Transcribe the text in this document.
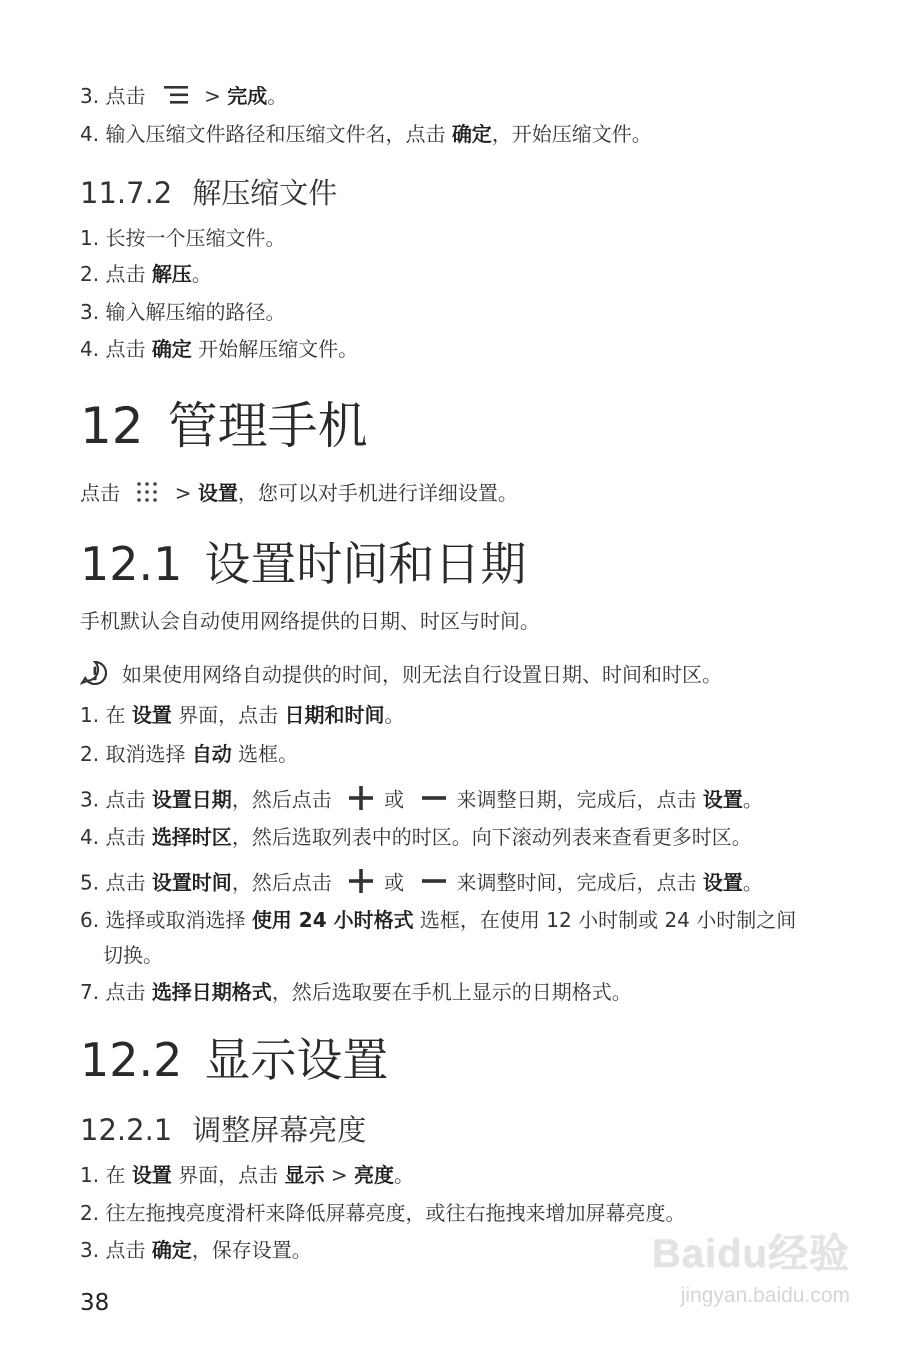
3. 点击	> 完成。
4. 输入压缩文件路径和压缩文件名，点击 确定，开始压缩文件。
11.7.2 解压缩文件
1. 长按一个压缩文件。
2. 点击 解压。
3. 输入解压缩的路径。
4. 点击 确定 开始解压缩文件。
12 管理手机
点击  > 设置，您可以对手机进行详细设置。
12.1 设置时间和日期
手机默认会自动使用网络提供的日期、时区与时间。
如果使用网络自动提供的时间，则无法自行设置日期、时间和时区。
1. 在 设置 界面，点击 日期和时间。
2. 取消选择 自动 选框。
3. 点击 设置日期，然后点击	或	来调整日期，完成后，点击 设置。
4. 点击 选择时区，然后选取列表中的时区。向下滚动列表来查看更多时区。
5. 点击 设置时间，然后点击	或	来调整时间，完成后，点击 设置。
6. 选择或取消选择 使用 24 小时格式 选框，在使用 12 小时制或 24 小时制之间
切换。
7. 点击 选择日期格式，然后选取要在手机上显示的日期格式。
12.2 显示设置
12.2.1 调整屏幕亮度
1. 在 设置 界面，点击 显示 > 亮度。
2. 往左拖拽亮度滑杆来降低屏幕亮度，或往右拖拽来增加屏幕亮度。
3. 点击 确定，保存设置。
38
Baidu经验
jingyan.baidu.com
